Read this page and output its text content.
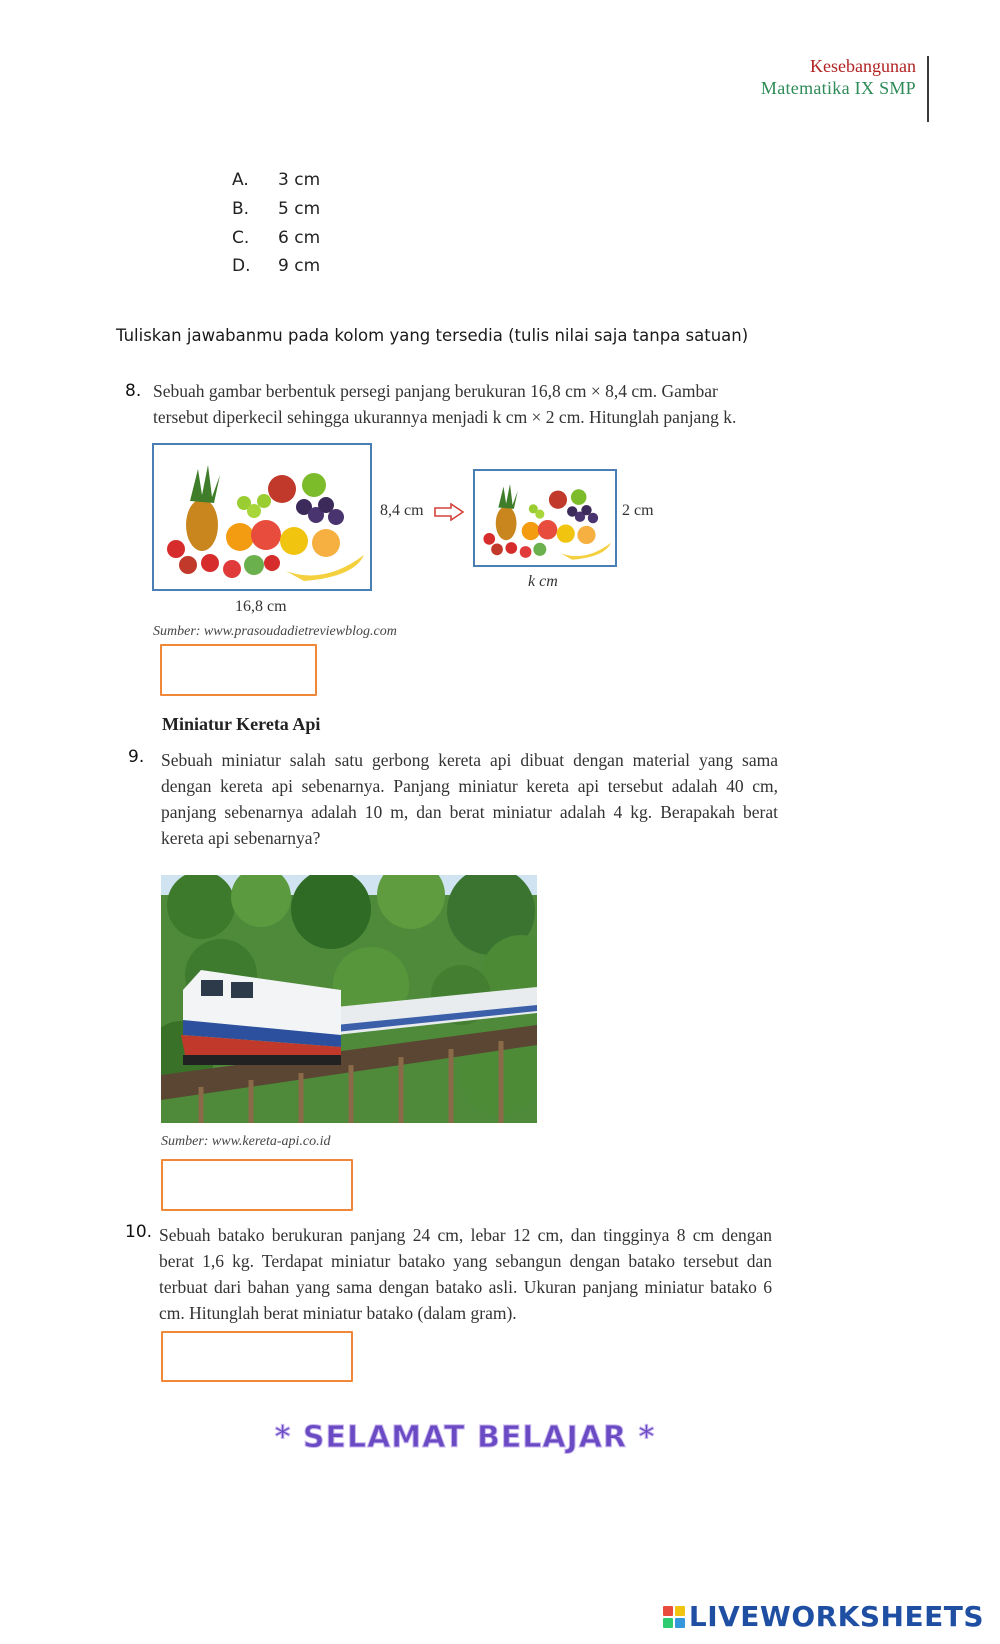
Kesebangunan
Matematika IX SMP
A. 3 cm
B. 5 cm
C. 6 cm
D. 9 cm
Tuliskan jawabanmu pada kolom yang tersedia (tulis nilai saja tanpa satuan)
8. Sebuah gambar berbentuk persegi panjang berukuran 16,8 cm × 8,4 cm. Gambar
tersebut diperkecil sehingga ukurannya menjadi k cm × 2 cm. Hitunglah panjang k.
8,4 cm	2 cm
k cm
16,8 cm
Sumber: www.prasoudadietreviewblog.com
Miniatur Kereta Api
9. Sebuah miniatur salah satu gerbong kereta api dibuat dengan material yang sama dengan kereta api sebenarnya. Panjang miniatur kereta api tersebut adalah 40 cm, panjang sebenarnya adalah 10 m, dan berat miniatur adalah 4 kg. Berapakah berat kereta api sebenarnya?
Sumber: www.kereta-api.co.id
10. Sebuah batako berukuran panjang 24 cm, lebar 12 cm, dan tingginya 8 cm dengan berat 1,6 kg. Terdapat miniatur batako yang sebangun dengan batako tersebut dan terbuat dari bahan yang sama dengan batako asli. Ukuran panjang miniatur batako 6 cm. Hitunglah berat miniatur batako (dalam gram).
* SELAMAT BELAJAR *
LIVEWORKSHEETS
